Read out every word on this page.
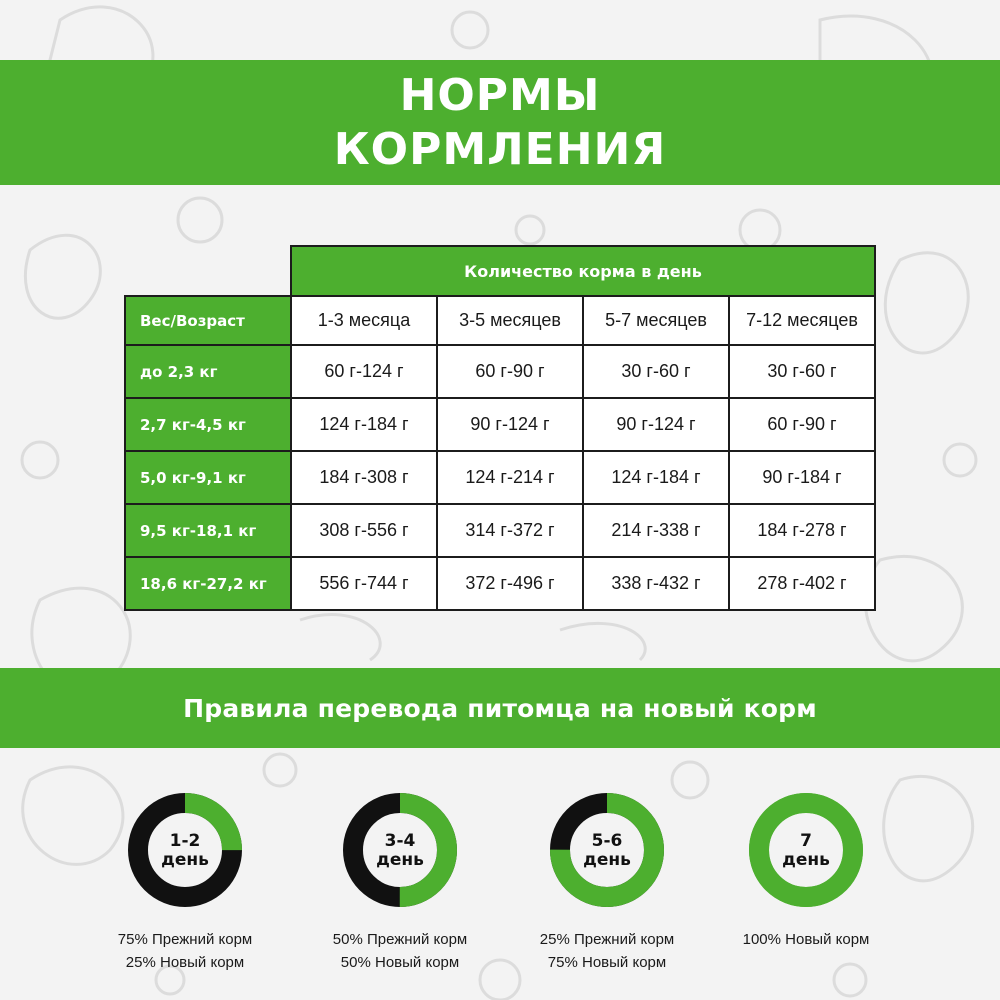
НОРМЫ
КОРМЛЕНИЯ
	Количество корма в день			
Вес/Возраст	1-3 месяца	3-5 месяцев	5-7 месяцев	7-12 месяцев
до 2,3 кг	60 г-124 г	60 г-90 г	30 г-60 г	30 г-60 г
2,7 кг-4,5 кг	124 г-184 г	90 г-124 г	90 г-124 г	60 г-90 г
5,0 кг-9,1 кг	184 г-308 г	124 г-214 г	124 г-184 г	90 г-184 г
9,5 кг-18,1 кг	308 г-556 г	314 г-372 г	214 г-338 г	184 г-278 г
18,6 кг-27,2 кг	556 г-744 г	372 г-496 г	338 г-432 г	278 г-402 г
Правила перевода питомца на новый корм
1-2
день
75% Прежний корм
25% Новый корм
3-4
день
50% Прежний корм
50% Новый корм
5-6
день
25% Прежний корм
75% Новый корм
7
день
100% Новый корм
